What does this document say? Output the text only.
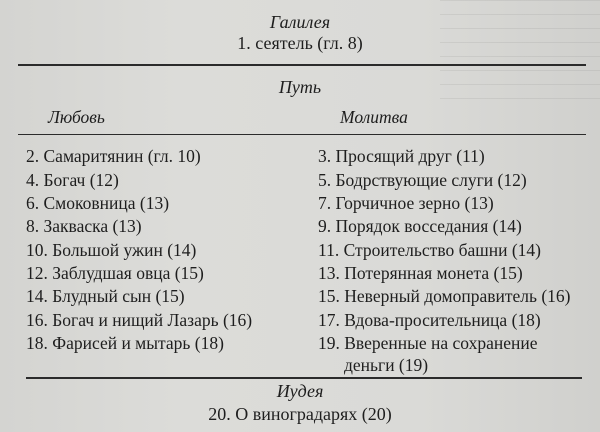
Галилея
1. сеятель (гл. 8)
Путь
Любовь	Молитва
2. Самаритянин (гл. 10)
4. Богач (12)
6. Смоковница (13)
8. Закваска (13)
10. Большой ужин (14)
12. Заблудшая овца (15)
14. Блудный сын (15)
16. Богач и нищий Лазарь (16)
18. Фарисей и мытарь (18)
3. Просящий друг (11)
5. Бодрствующие слуги (12)
7. Горчичное зерно (13)
9. Порядок восседания (14)
11. Строительство башни (14)
13. Потерянная монета (15)
15. Неверный домоправитель (16)
17. Вдова-просительница (18)
19. Вверенные на сохранение
деньги (19)
Иудея
20. О виноградарях (20)
